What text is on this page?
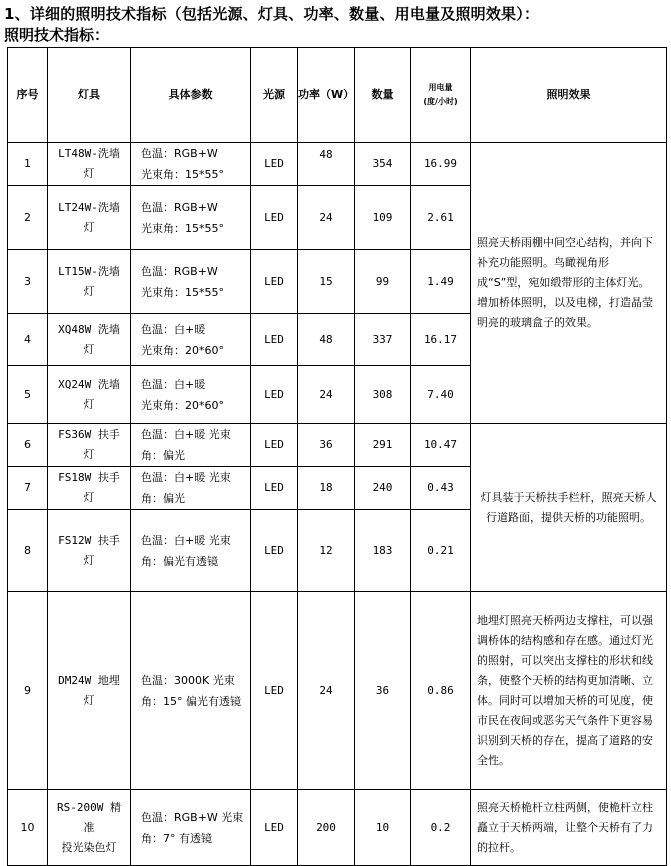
1、详细的照明技术指标（包括光源、灯具、功率、数量、用电量及照明效果）：
照明技术指标：
序号	灯具	具体参数	光源	功率（W）	数量	用电量
(度/小时)	照明效果
1	LT48W-洗墙灯	色温：RGB+W
光束角：15*55°	LED	48	354	16.99	照亮天桥雨棚中间空心结构，并向下补充功能照明。鸟瞰视角形成“S”型，宛如缎带形的主体灯光。增加桥体照明，以及电梯，打造晶莹明亮的玻璃盒子的效果。
2	LT24W-洗墙灯	色温：RGB+W
光束角：15*55°	LED	24	109	2.61	
3	LT15W-洗墙灯	色温：RGB+W
光束角：15*55°	LED	15	99	1.49	
4	XQ48W 洗墙灯	色温：白+暖
光束角：20*60°	LED	48	337	16.17	
5	XQ24W 洗墙灯	色温：白+暖
光束角：20*60°	LED	24	308	7.40	
6	FS36W 扶手灯	色温：白+暖 光束
角：偏光	LED	36	291	10.47	灯具装于天桥扶手栏杆，照亮天桥人行道路面，提供天桥的功能照明。
7	FS18W 扶手灯	色温：白+暖 光束
角：偏光	LED	18	240	0.43	
8	FS12W 扶手灯	色温：白+暖 光束
角：偏光有透镜	LED	12	183	0.21	
9	DM24W 地埋灯	色温：3000K 光束
角：15° 偏光有透镜	LED	24	36	0.86	地埋灯照亮天桥两边支撑柱，可以强调桥体的结构感和存在感。通过灯光的照射，可以突出支撑柱的形状和线条，使整个天桥的结构更加清晰、立体。同时可以增加天桥的可见度，使市民在夜间或恶劣天气条件下更容易识别到天桥的存在，提高了道路的安全性。
10	RS-200W 精准
投光染色灯	色温：RGB+W 光束
角：7° 有透镜	LED	200	10	0.2	照亮天桥桅杆立柱两侧，使桅杆立柱矗立于天桥两端，让整个天桥有了力的拉杆。
